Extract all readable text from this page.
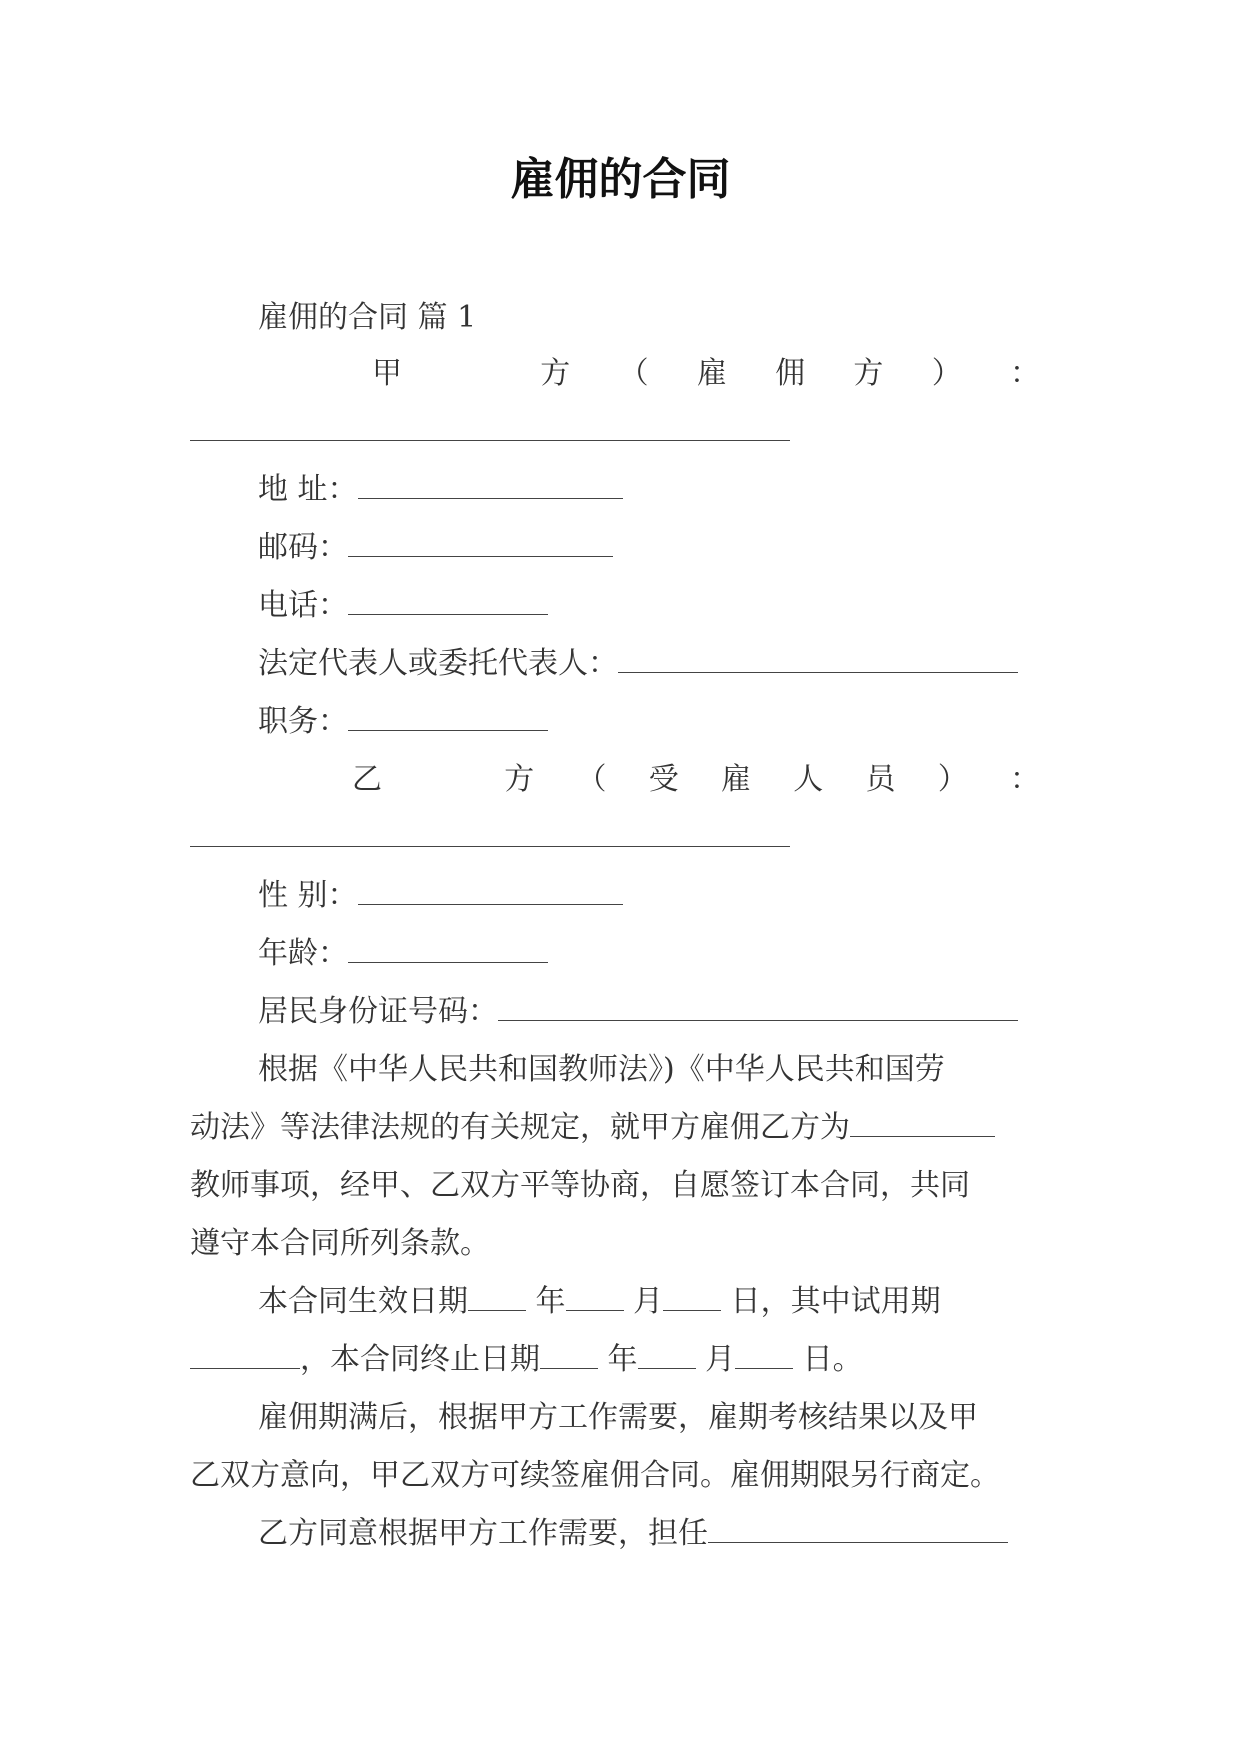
雇佣的合同
雇佣的合同 篇 1
甲	方 （ 雇 佣 方 ） ：
地 址：
邮码：
电话：
法定代表人或委托代表人：
职务：
乙	方 （ 受 雇 人 员 ） ：
性 别：
年龄：
居民身份证号码：
根据《中华人民共和国教师法》)《中华人民共和国劳
动法》等法律法规的有关规定，就甲方雇佣乙方为
教师事项，经甲、乙双方平等协商，自愿签订本合同，共同
遵守本合同所列条款。
本合同生效日期 年 月 日，其中试用期
，本合同终止日期 年 月 日。
雇佣期满后，根据甲方工作需要，雇期考核结果以及甲
乙双方意向，甲乙双方可续签雇佣合同。雇佣期限另行商定。
乙方同意根据甲方工作需要，担任
